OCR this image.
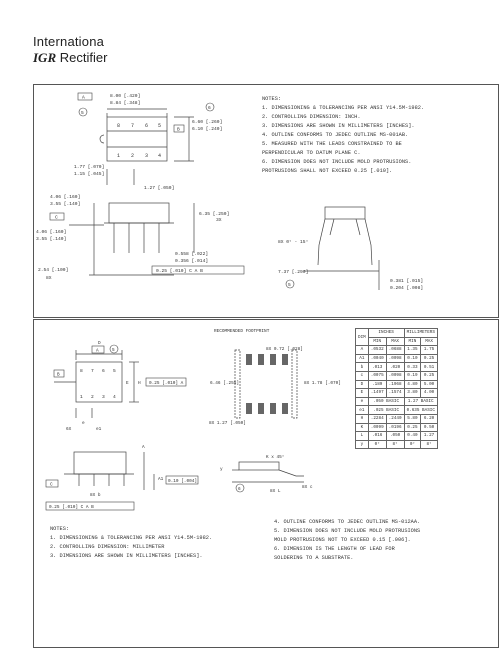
Internationa
IGR Rectifier
8 7 6 5
1 2 3 4
A
5
8.00 [.420]
8.84 [.348]
6
6.60 [.260]
6.10 [.240]
B
1.77 [.070]
1.15 [.045]
1.27 [.050]
4.06 [.160]
3.55 [.140]
C
4.06 [.160]
3.55 [.140]
6.35 [.250]
3X
2.54 [.100]
8X
0.558 [.022]
0.356 [.014]
0.25 [.010] C A B
8X 0° - 15°
7.37 [.290]
5
0.381 [.015]
0.204 [.008]
NOTES:
1. DIMENSIONING & TOLERANCING PER ANSI Y14.5M-1982.
2. CONTROLLING DIMENSION: INCH.
3. DIMENSIONS ARE SHOWN IN MILLIMETERS [INCHES].
4. OUTLINE CONFORMS TO JEDEC OUTLINE MS-001AB.
5. MEASURED WITH THE LEADS CONSTRAINED TO BE
PERPENDICULAR TO DATUM PLANE C.
6. DIMENSION DOES NOT INCLUDE MOLD PROTRUSIONS.
PROTRUSIONS SHALL NOT EXCEED 0.25 [.010].
RECOMMENDED FOOTPRINT
8X 0.72 [.028]
6.46 [.255]	8X 1.78 [.070]
8X 1.27 [.050]
D
A	5
B
E H 0.25 [.010] A
e
6X	e1
A
C
A1 0.10 [.004]
8X b
0.25 [.010] C A B
K x 45°
y
8X c
8X L
6
8 7 6 5
1 2 3 4
DIM	INCHES		MILLIMETERS	
	MIN	MAX	MIN	MAX
A	.0532	.0688	1.35	1.75
A1	.0040	.0098	0.10	0.25
b	.013	.020	0.33	0.51
c	.0075	.0098	0.19	0.25
D	.189	.1968	4.80	5.00
E	.1497	.1574	3.80	4.00
e	.050 BASIC		1.27 BASIC	
e1	.025 BASIC		0.635 BASIC	
H	.2284	.2440	5.80	6.20
K	.0099	.0196	0.25	0.50
L	.016	.050	0.40	1.27
y	0°	8°	0°	8°
NOTES:
1. DIMENSIONING & TOLERANCING PER ANSI Y14.5M-1982.
2. CONTROLLING DIMENSION: MILLIMETER
3. DIMENSIONS ARE SHOWN IN MILLIMETERS [INCHES].
4. OUTLINE CONFORMS TO JEDEC OUTLINE MS-012AA.
5. DIMENSION DOES NOT INCLUDE MOLD PROTRUSIONS
MOLD PROTRUSIONS NOT TO EXCEED 0.15 [.006].
6. DIMENSION IS THE LENGTH OF LEAD FOR
SOLDERING TO A SUBSTRATE.
